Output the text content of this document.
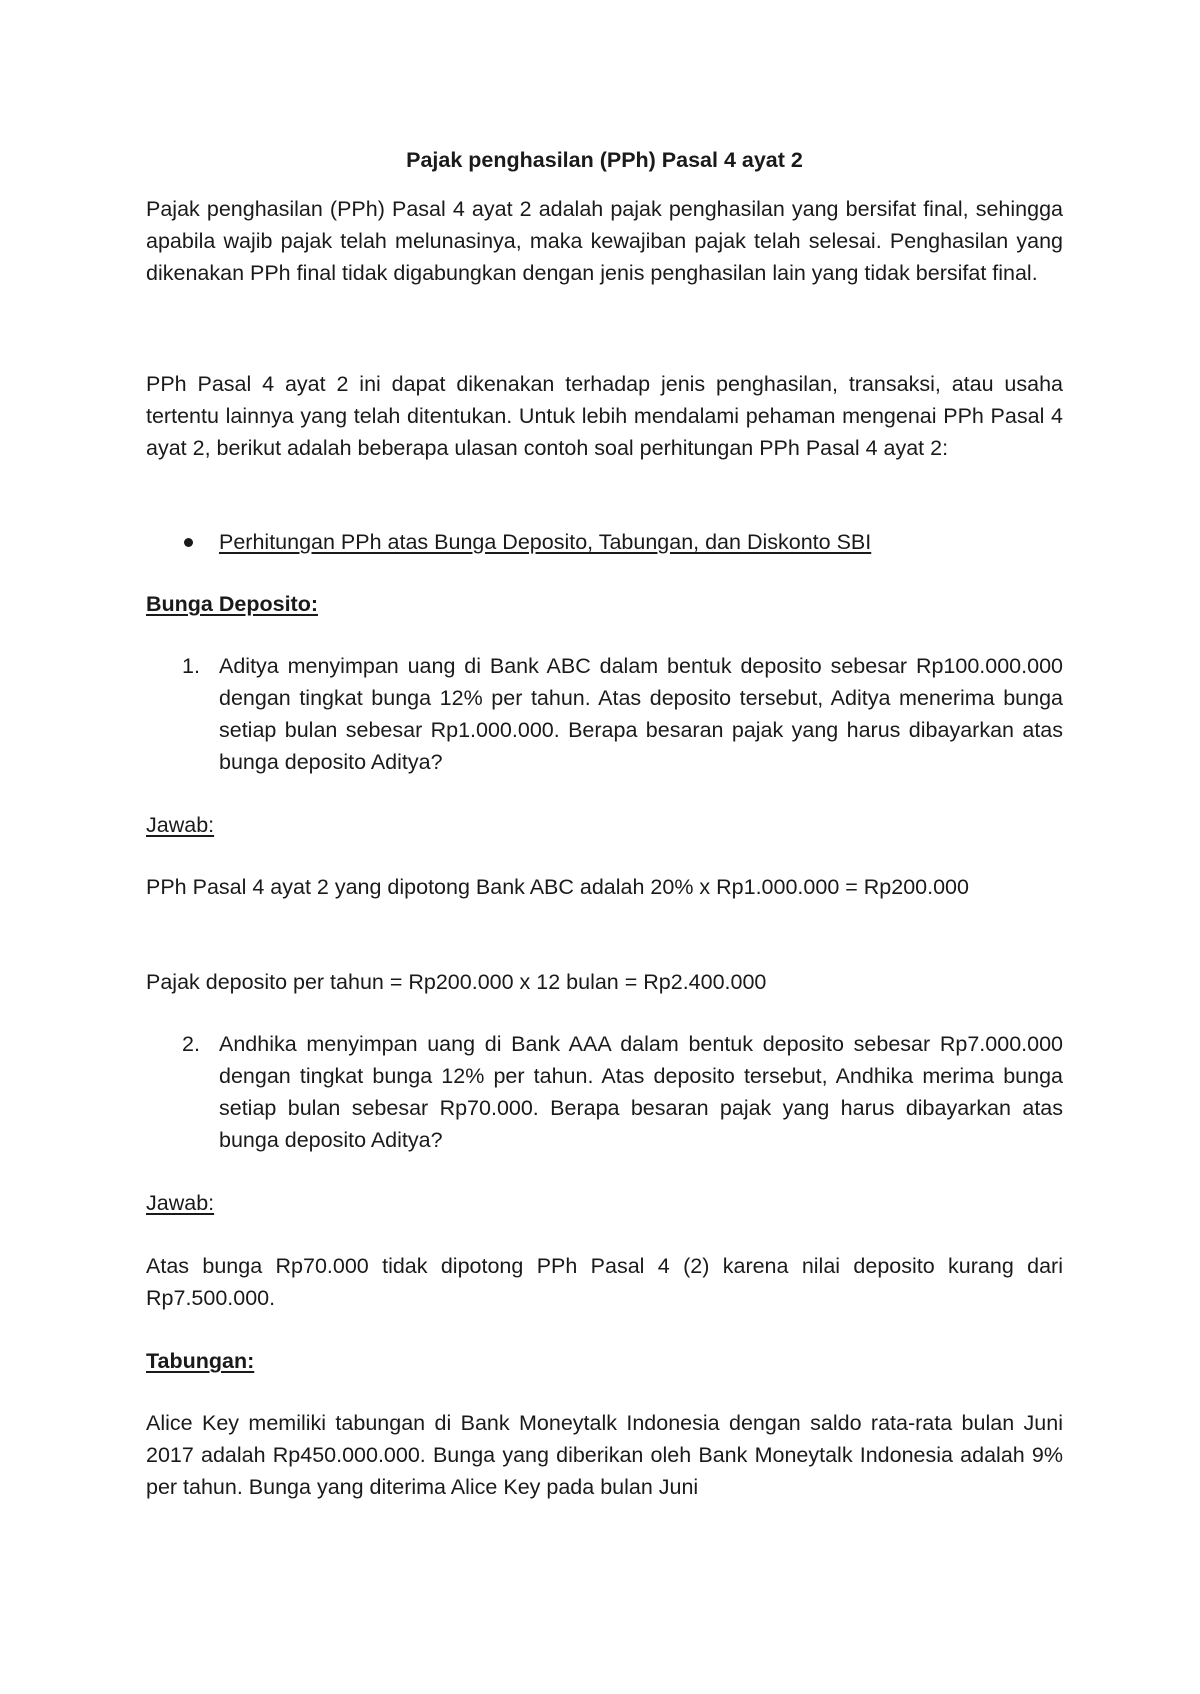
Pajak penghasilan (PPh) Pasal 4 ayat 2

Pajak penghasilan (PPh) Pasal 4 ayat 2 adalah pajak penghasilan yang bersifat final, sehingga apabila wajib pajak telah melunasinya, maka kewajiban pajak telah selesai. Penghasilan yang dikenakan PPh final tidak digabungkan dengan jenis penghasilan lain yang tidak bersifat final.

PPh Pasal 4 ayat 2 ini dapat dikenakan terhadap jenis penghasilan, transaksi, atau usaha tertentu lainnya yang telah ditentukan. Untuk lebih mendalami pehaman mengenai PPh Pasal 4 ayat 2, berikut adalah beberapa ulasan contoh soal perhitungan PPh Pasal 4 ayat 2:

Perhitungan PPh atas Bunga Deposito, Tabungan, dan Diskonto SBI

Bunga Deposito:

1. Aditya menyimpan uang di Bank ABC dalam bentuk deposito sebesar Rp100.000.000 dengan tingkat bunga 12% per tahun. Atas deposito tersebut, Aditya menerima bunga setiap bulan sebesar Rp1.000.000. Berapa besaran pajak yang harus dibayarkan atas bunga deposito Aditya?

Jawab:

PPh Pasal 4 ayat 2 yang dipotong Bank ABC adalah 20% x Rp1.000.000 = Rp200.000

Pajak deposito per tahun = Rp200.000 x 12 bulan = Rp2.400.000

2. Andhika menyimpan uang di Bank AAA dalam bentuk deposito sebesar Rp7.000.000 dengan tingkat bunga 12% per tahun. Atas deposito tersebut, Andhika merima bunga setiap bulan sebesar Rp70.000. Berapa besaran pajak yang harus dibayarkan atas bunga deposito Aditya?

Jawab:

Atas bunga Rp70.000 tidak dipotong PPh Pasal 4 (2) karena nilai deposito kurang dari Rp7.500.000.

Tabungan:

Alice Key memiliki tabungan di Bank Moneytalk Indonesia dengan saldo rata-rata bulan Juni 2017 adalah Rp450.000.000. Bunga yang diberikan oleh Bank Moneytalk Indonesia adalah 9% per tahun. Bunga yang diterima Alice Key pada bulan Juni
